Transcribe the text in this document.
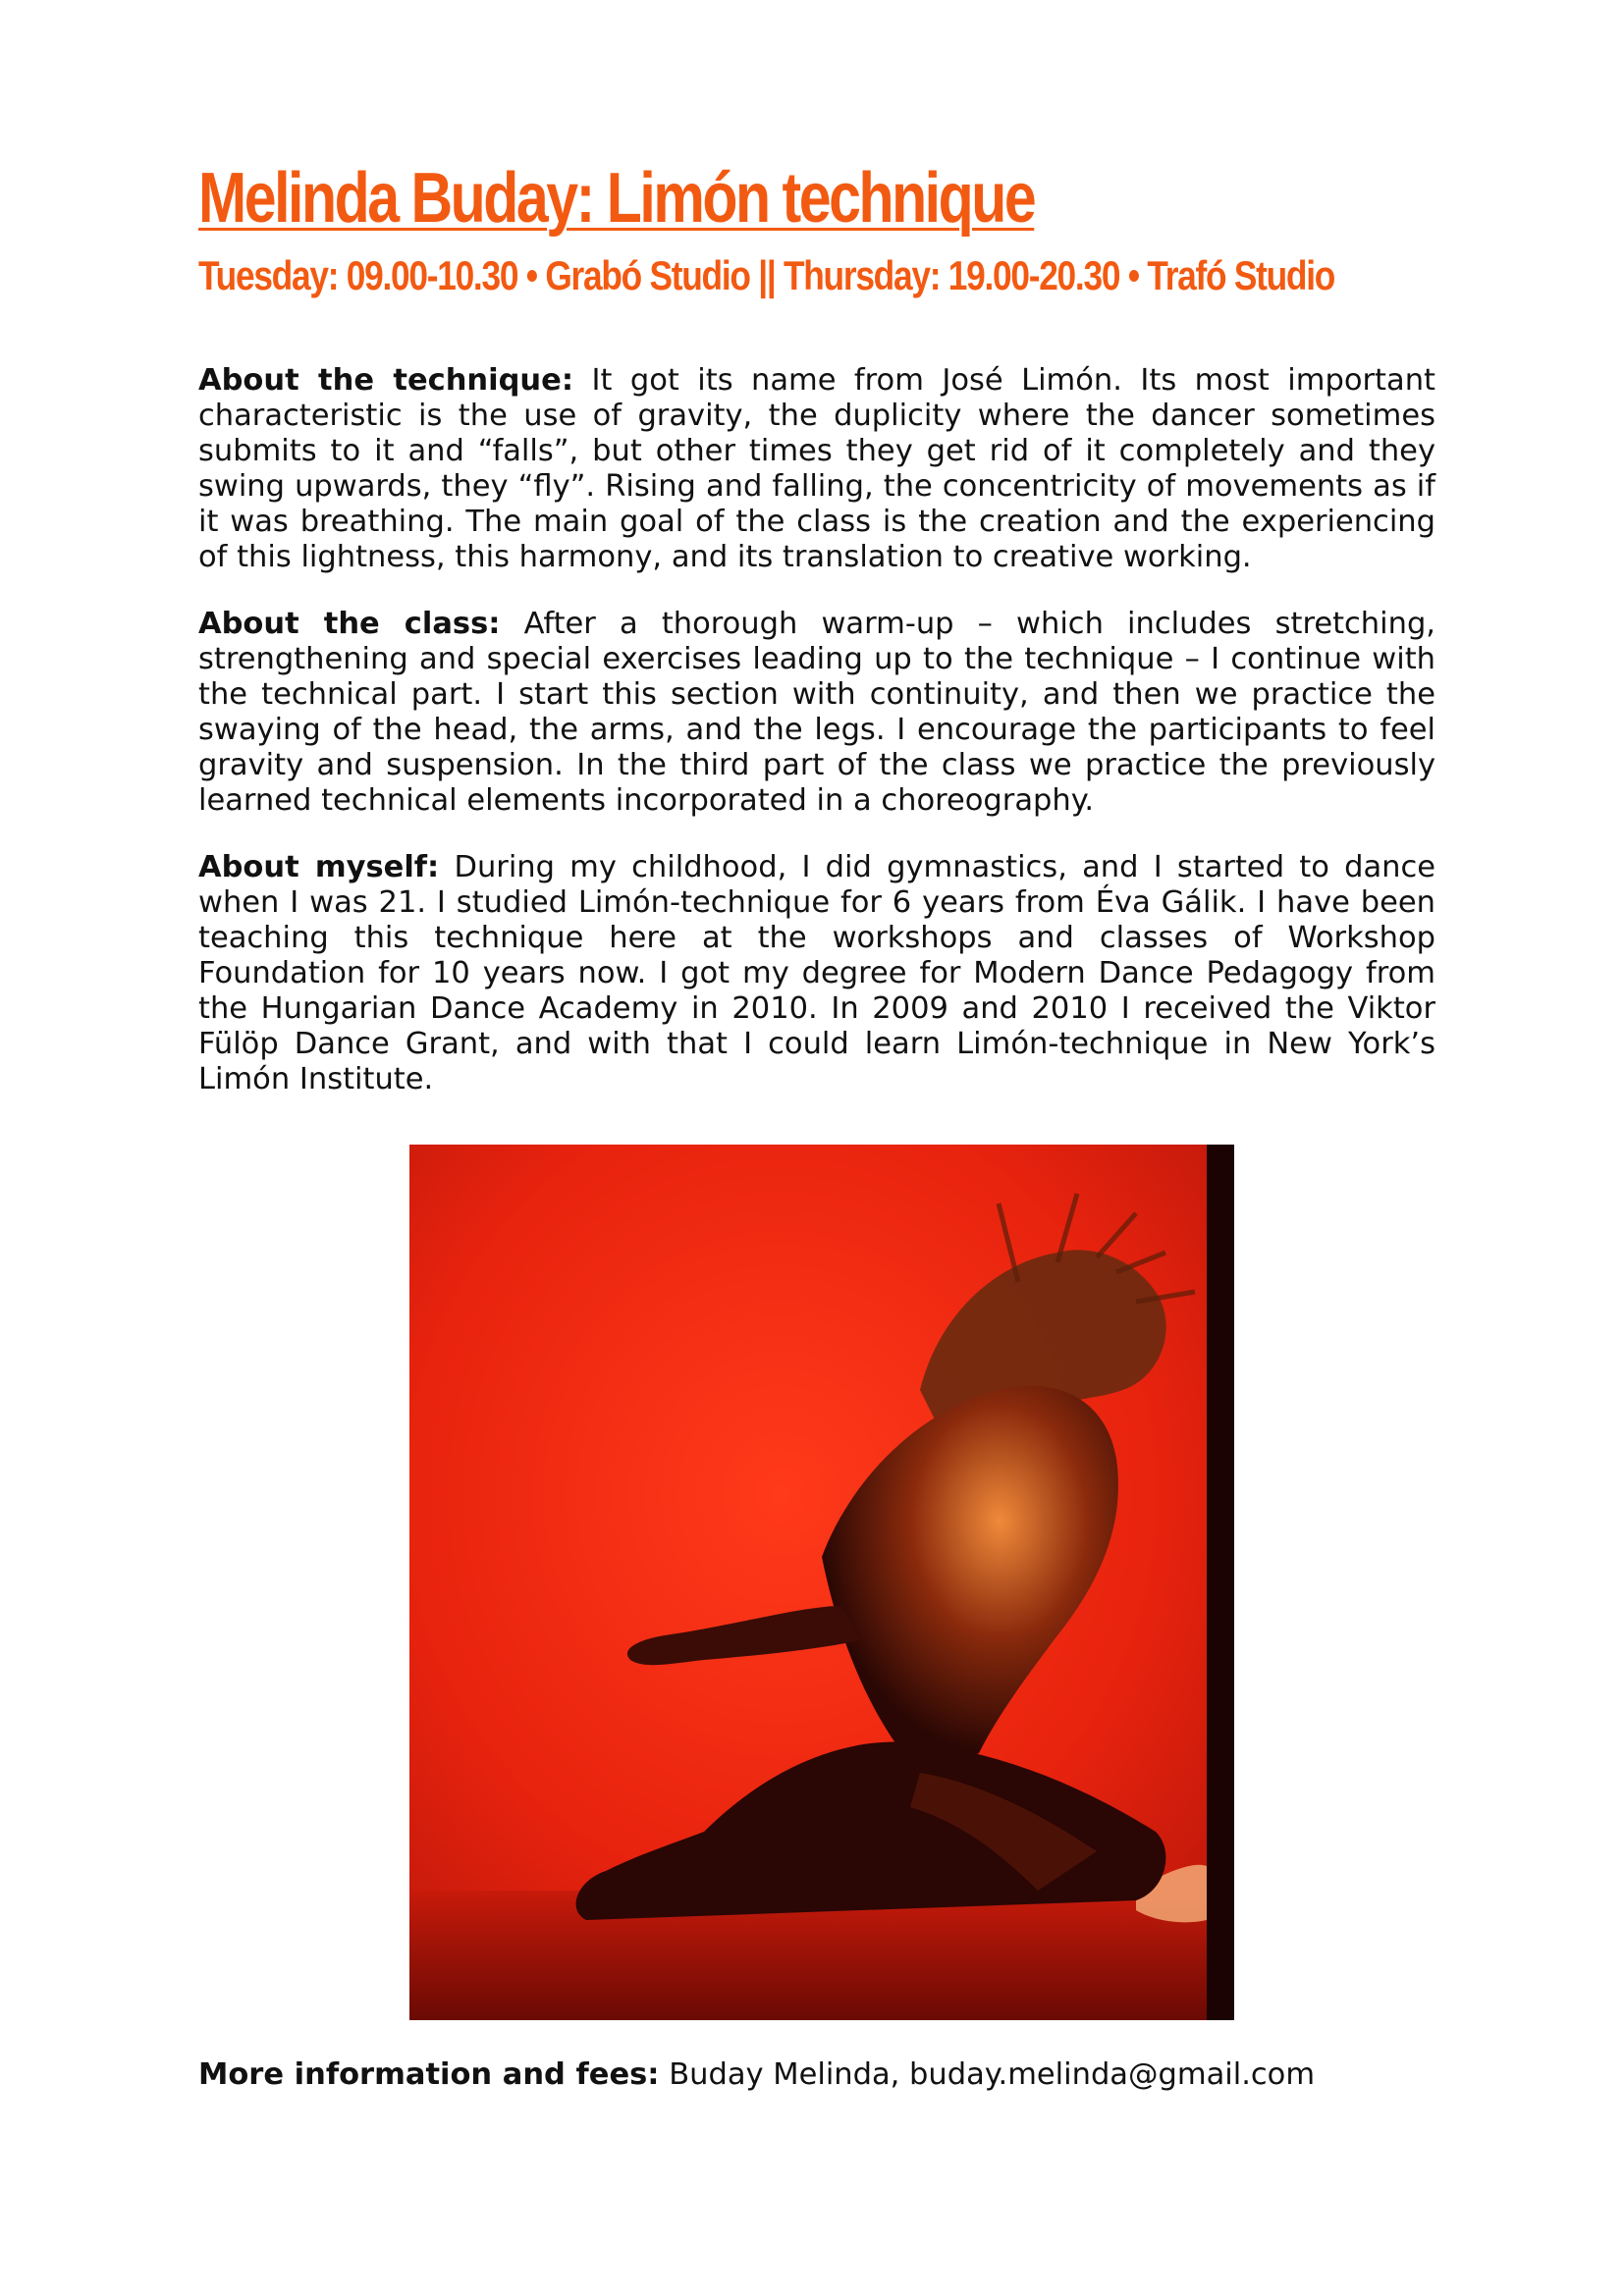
Melinda Buday: Limón technique
Tuesday: 09.00-10.30 • Grabó Studio || Thursday: 19.00-20.30 • Trafó Studio

About the technique: It got its name from José Limón. Its most important characteristic is the use of gravity, the duplicity where the dancer sometimes submits to it and “falls”, but other times they get rid of it completely and they swing upwards, they “fly”. Rising and falling, the concentricity of movements as if it was breathing. The main goal of the class is the creation and the experiencing of this lightness, this harmony, and its translation to creative working.

About the class: After a thorough warm-up – which includes stretching, strengthening and special exercises leading up to the technique – I continue with the technical part. I start this section with continuity, and then we practice the swaying of the head, the arms, and the legs. I encourage the participants to feel gravity and suspension. In the third part of the class we practice the previously learned technical elements incorporated in a choreography.

About myself: During my childhood, I did gymnastics, and I started to dance when I was 21. I studied Limón-technique for 6 years from Éva Gálik. I have been teaching this technique here at the workshops and classes of Workshop Foundation for 10 years now. I got my degree for Modern Dance Pedagogy from the Hungarian Dance Academy in 2010. In 2009 and 2010 I received the Viktor Fülöp Dance Grant, and with that I could learn Limón-technique in New York’s Limón Institute.

More information and fees: Buday Melinda, buday.melinda@gmail.com
